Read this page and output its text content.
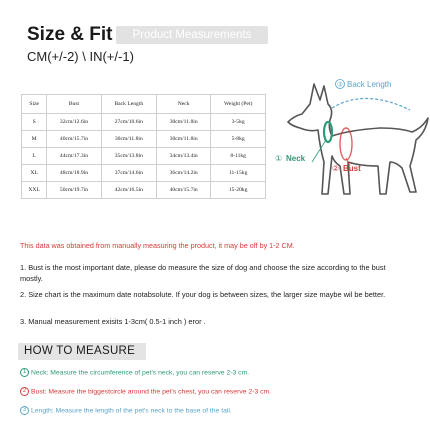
Size & Fit	Product Measurements
CM(+/-2) \ IN(+/-1)
Size	Bust	Back Length	Neck	Weight (Pet)
S	32cm/12.6in	27cm/10.6in	30cm/11.8in	3-5kg
M	40cm/15.7in	30cm/11.8in	30cm/11.8in	5-8kg
L	44cm/17.3in	35cm/13.8in	34cm/13.4in	8-11kg
XL	48cm/18.9in	37cm/14.6in	36cm/14.2in	11-15kg
XXL	50cm/19.7in	42cm/16.5in	40cm/15.7in	15-20kg
③ Back Length
① Neck
② Bust
This data was obtained from manually measuring the product, it may be off by 1-2 CM.
1. Bust is the most important date, please do measure the size of dog and choose the size according to the bust mostly.
2. Size chart is the maximum date notabsolute. If your dog is between sizes, the larger size maybe wil be better.
3. Manual measurement exisits 1-3cm( 0.5-1 inch ) eror .
HOW TO MEASURE
1 Neck: Measure the circumference of pet's neck, you can reserve 2-3 cm.
2 Bust: Measure the biggestcircle around the pet's chest, you can reserve 2-3 cm.
3 Length: Measure the length of the pet's neck to the base of the tail.
